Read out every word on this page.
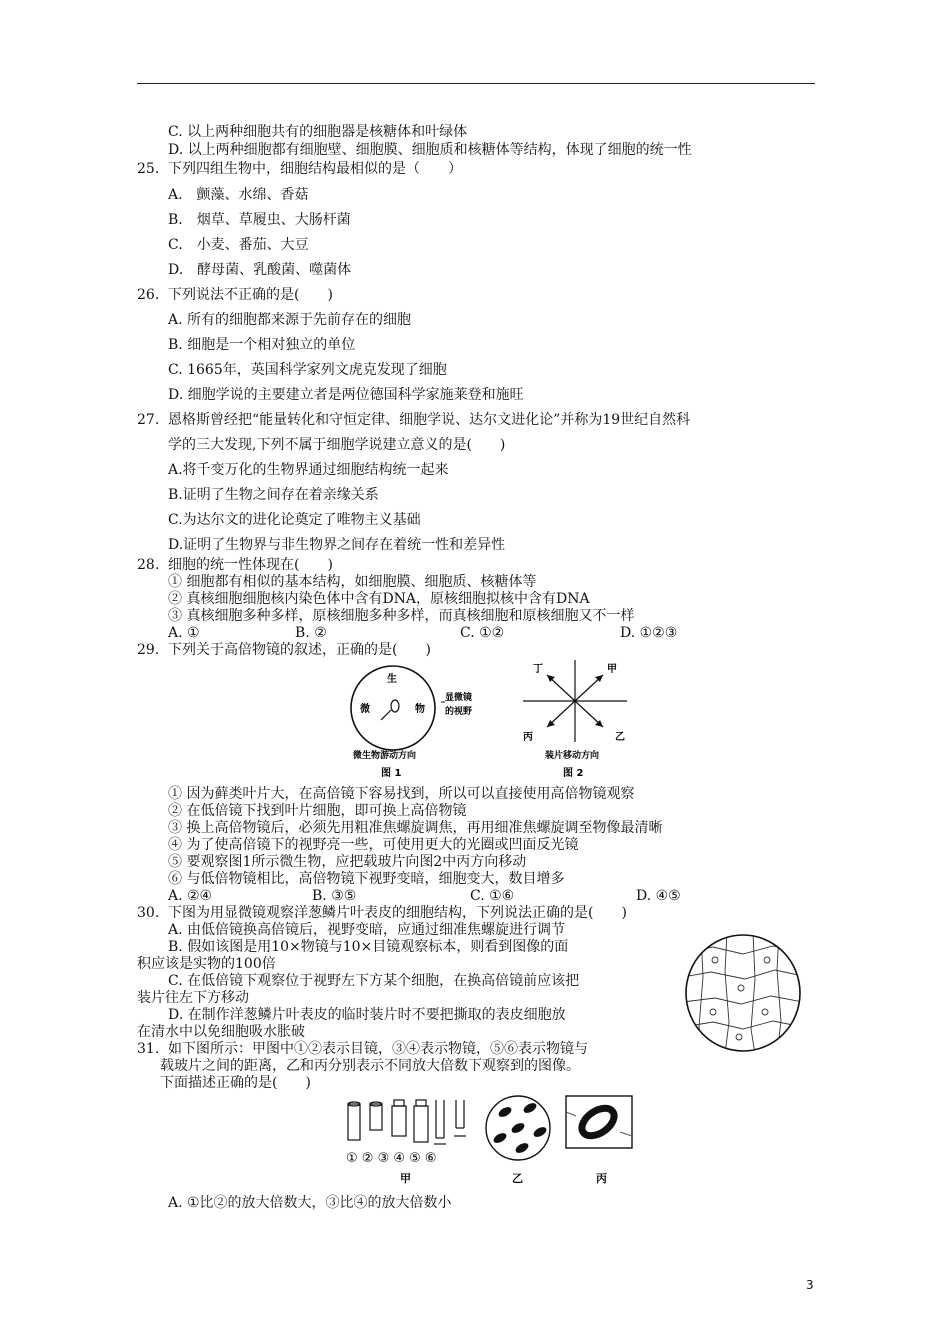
C. 以上两种细胞共有的细胞器是核糖体和叶绿体
D. 以上两种细胞都有细胞壁、细胞膜、细胞质和核糖体等结构，体现了细胞的统一性
25. 下列四组生物中，细胞结构最相似的是（　　）
A.　颤藻、水绵、香菇
B.　烟草、草履虫、大肠杆菌
C.　小麦、番茄、大豆
D.　酵母菌、乳酸菌、噬菌体
26. 下列说法不正确的是(　　)
A. 所有的细胞都来源于先前存在的细胞
B. 细胞是一个相对独立的单位
C. 1665年，英国科学家列文虎克发现了细胞
D. 细胞学说的主要建立者是两位德国科学家施莱登和施旺
27. 恩格斯曾经把“能量转化和守恒定律、细胞学说、达尔文进化论”并称为19世纪自然科
学的三大发现,下列不属于细胞学说建立意义的是(　　)
A.将千变万化的生物界通过细胞结构统一起来
B.证明了生物之间存在着亲缘关系
C.为达尔文的进化论奠定了唯物主义基础
D.证明了生物界与非生物界之间存在着统一性和差异性
28. 细胞的统一性体现在(　　)
① 细胞都有相似的基本结构，如细胞膜、细胞质、核糖体等
② 真核细胞细胞核内染色体中含有DNA，原核细胞拟核中含有DNA
③ 真核细胞多种多样，原核细胞多种多样，而真核细胞和原核细胞又不一样
A. ①	B. ②	C. ①②	D. ①②③
29. 下列关于高倍物镜的叙述，正确的是(　　)
生
微	物
显微镜
的视野
微生物游动方向
图 1
丁	甲
丙	乙
装片移动方向
图 2
① 因为藓类叶片大，在高倍镜下容易找到，所以可以直接使用高倍物镜观察
② 在低倍镜下找到叶片细胞，即可换上高倍物镜
③ 换上高倍物镜后，必须先用粗准焦螺旋调焦，再用细准焦螺旋调至物像最清晰
④ 为了使高倍镜下的视野亮一些，可使用更大的光圈或凹面反光镜
⑤ 要观察图1所示微生物，应把载玻片向图2中丙方向移动
⑥ 与低倍物镜相比，高倍物镜下视野变暗，细胞变大，数目增多
A. ②④	B. ③⑤	C. ①⑥	D. ④⑤
30. 下图为用显微镜观察洋葱鳞片叶表皮的细胞结构，下列说法正确的是(　　)
A. 由低倍镜换高倍镜后，视野变暗，应通过细准焦螺旋进行调节
B. 假如该图是用10×物镜与10×目镜观察标本，则看到图像的面
积应该是实物的100倍
C. 在低倍镜下观察位于视野左下方某个细胞，在换高倍镜前应该把
装片往左下方移动
D. 在制作洋葱鳞片叶表皮的临时装片时不要把撕取的表皮细胞放
在清水中以免细胞吸水胀破
31. 如下图所示：甲图中①②表示目镜，③④表示物镜，⑤⑥表示物镜与
载玻片之间的距离，乙和丙分别表示不同放大倍数下观察到的图像。
下面描述正确的是(　　)
① ② ③ ④ ⑤ ⑥
甲	乙	丙
A. ①比②的放大倍数大，③比④的放大倍数小
3
